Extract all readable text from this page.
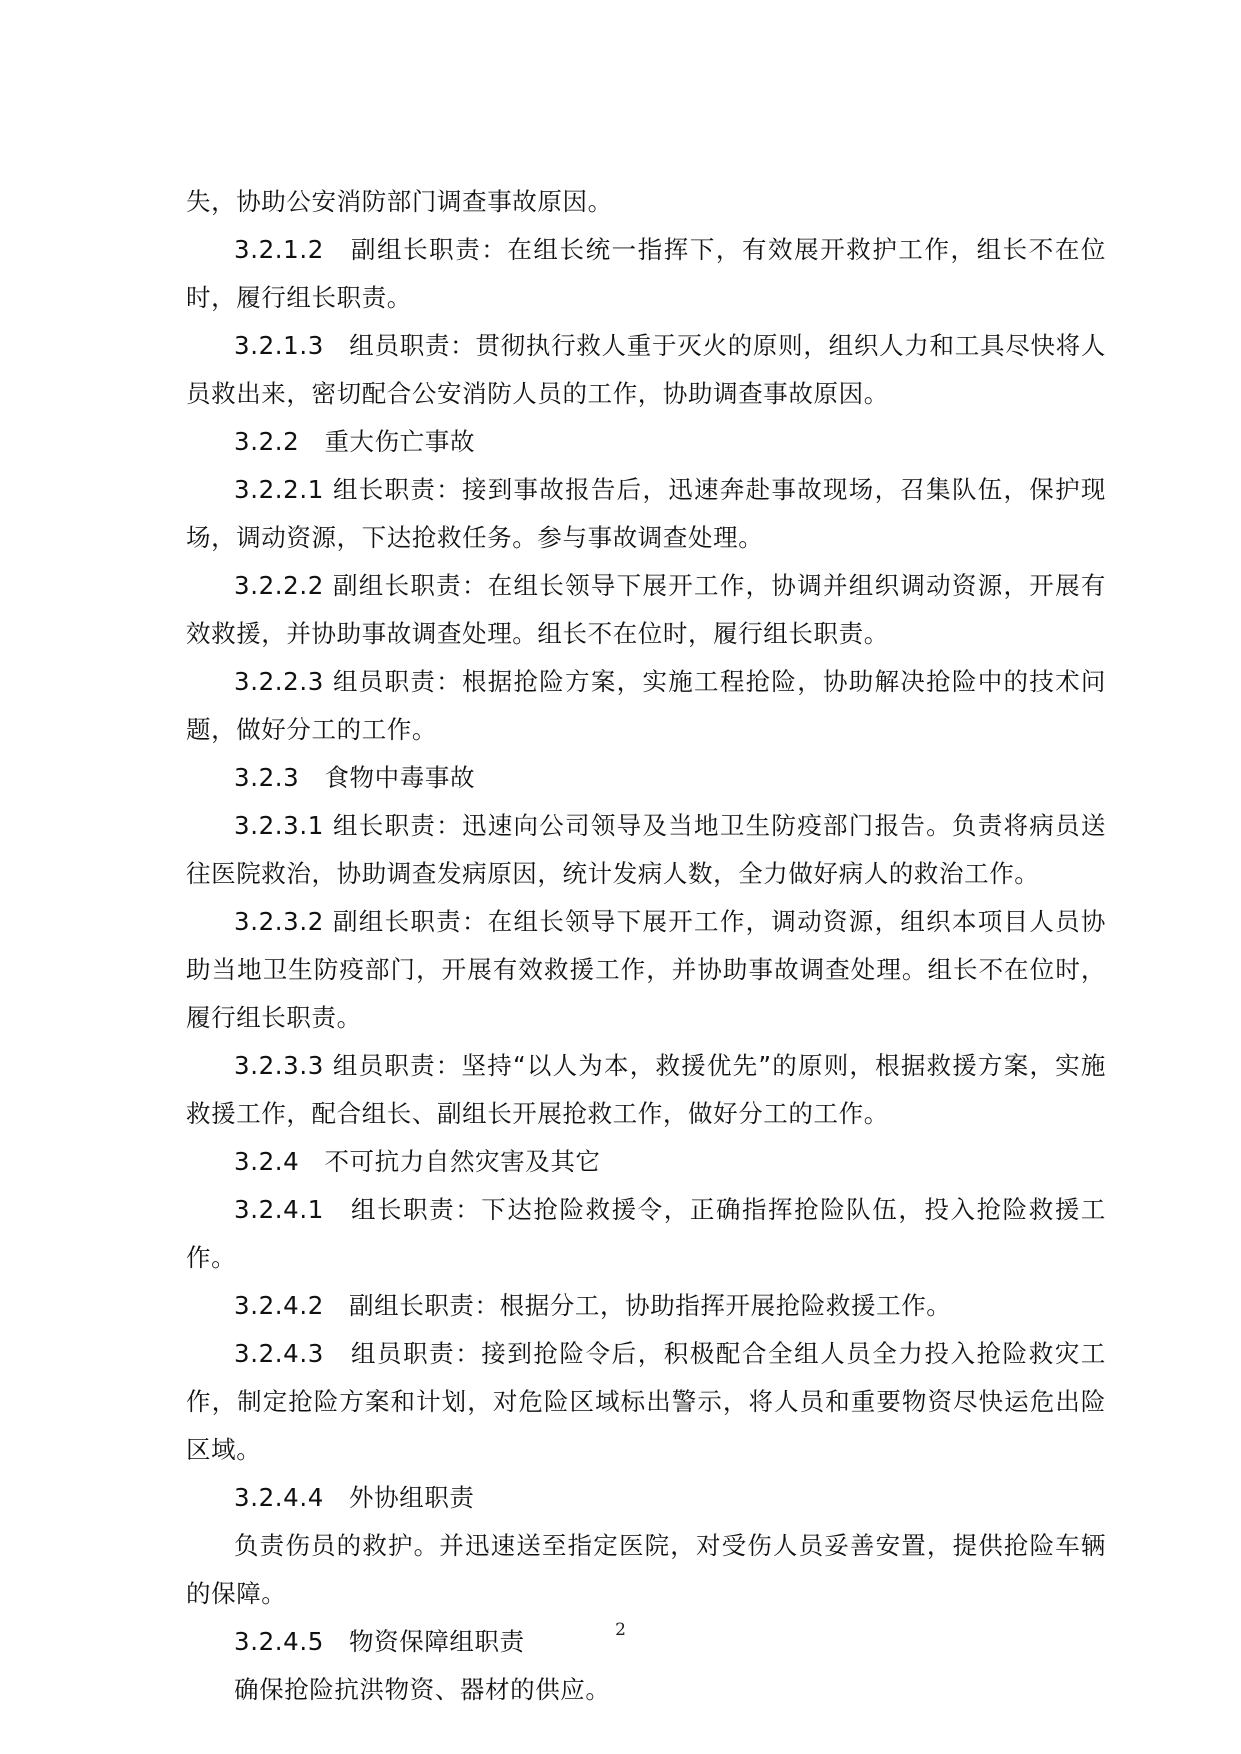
失，协助公安消防部门调查事故原因。

3.2.1.2　副组长职责：在组长统一指挥下，有效展开救护工作，组长不在位时，履行组长职责。

3.2.1.3　组员职责：贯彻执行救人重于灭火的原则，组织人力和工具尽快将人员救出来，密切配合公安消防人员的工作，协助调查事故原因。

3.2.2　重大伤亡事故

3.2.2.1 组长职责：接到事故报告后，迅速奔赴事故现场，召集队伍，保护现场，调动资源，下达抢救任务。参与事故调查处理。

3.2.2.2 副组长职责：在组长领导下展开工作，协调并组织调动资源，开展有效救援，并协助事故调查处理。组长不在位时，履行组长职责。

3.2.2.3 组员职责：根据抢险方案，实施工程抢险，协助解决抢险中的技术问题，做好分工的工作。

3.2.3　食物中毒事故

3.2.3.1 组长职责：迅速向公司领导及当地卫生防疫部门报告。负责将病员送往医院救治，协助调查发病原因，统计发病人数，全力做好病人的救治工作。

3.2.3.2 副组长职责：在组长领导下展开工作，调动资源，组织本项目人员协助当地卫生防疫部门，开展有效救援工作，并协助事故调查处理。组长不在位时，履行组长职责。

3.2.3.3 组员职责：坚持“以人为本，救援优先”的原则，根据救援方案，实施救援工作，配合组长、副组长开展抢救工作，做好分工的工作。

3.2.4　不可抗力自然灾害及其它

3.2.4.1　组长职责：下达抢险救援令，正确指挥抢险队伍，投入抢险救援工作。

3.2.4.2　副组长职责：根据分工，协助指挥开展抢险救援工作。

3.2.4.3　组员职责：接到抢险令后，积极配合全组人员全力投入抢险救灾工作，制定抢险方案和计划，对危险区域标出警示，将人员和重要物资尽快运危出险区域。

3.2.4.4　外协组职责

负责伤员的救护。并迅速送至指定医院，对受伤人员妥善安置，提供抢险车辆的保障。

3.2.4.5　物资保障组职责

确保抢险抗洪物资、器材的供应。

2
